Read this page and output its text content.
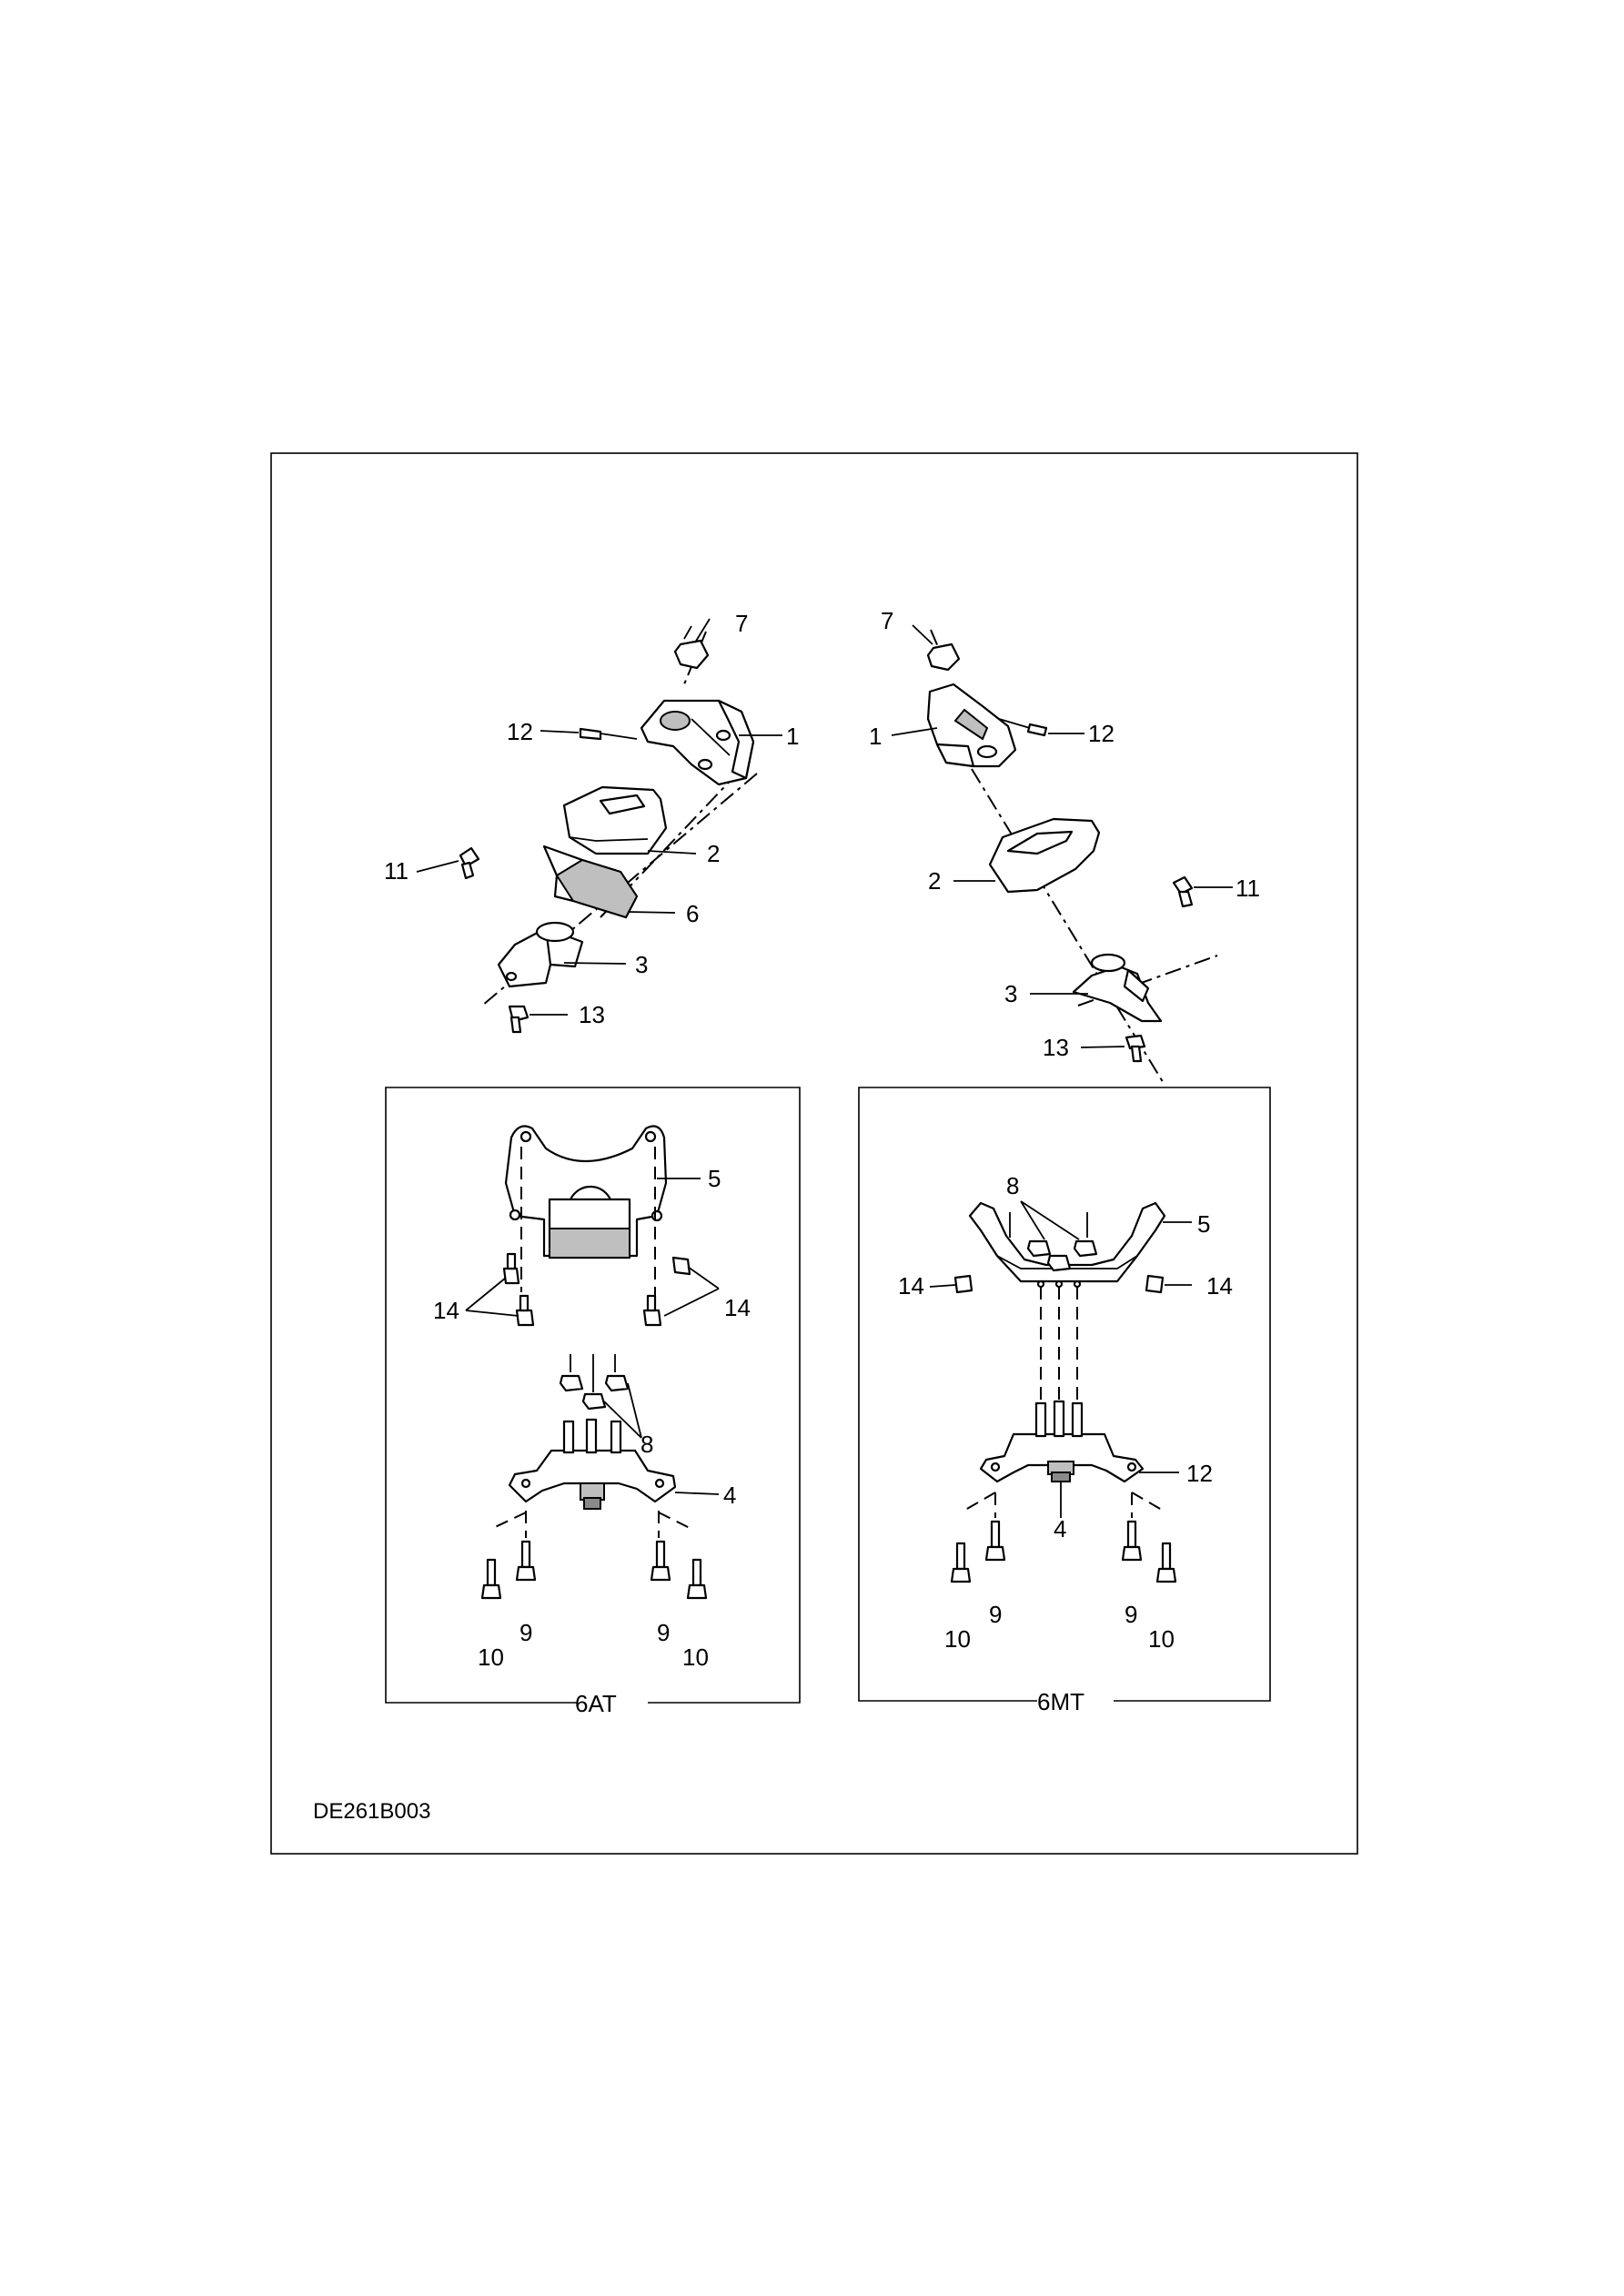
7
12	1
2
11
6
3
13
7
1	12
2	11
3
13
6AT
5
14	14
8
4
9	9
10	10
6MT
8
5
14	14
12
4
9	9
10	10
DE261B003
